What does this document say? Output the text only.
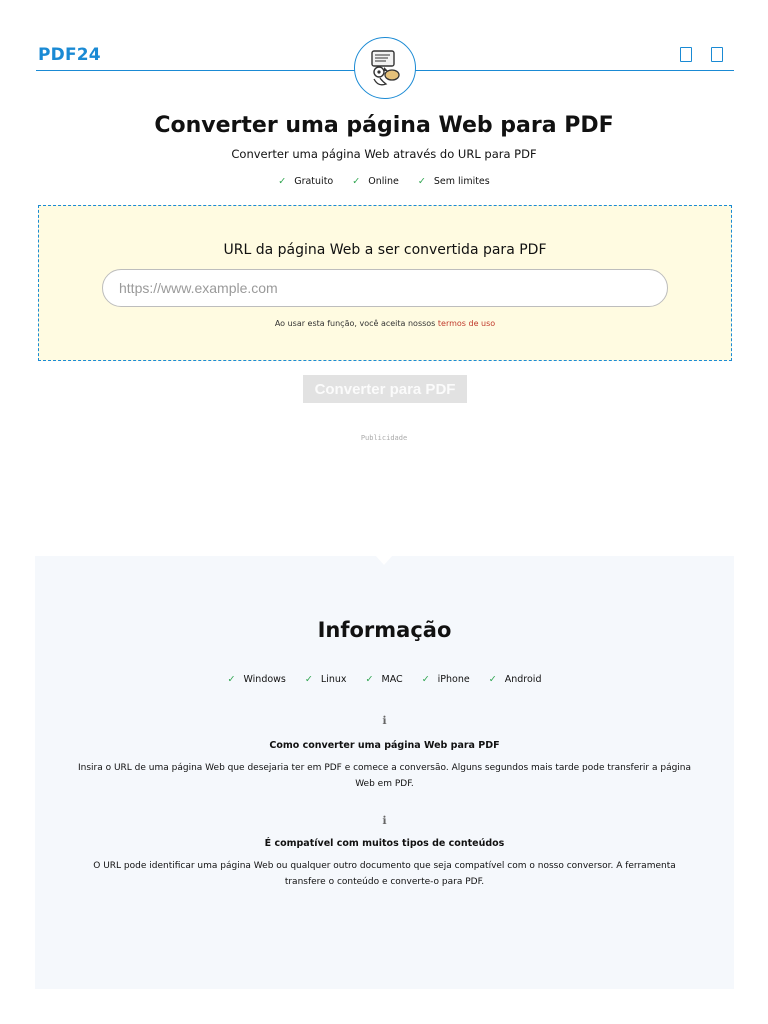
PDF24
Converter uma página Web para PDF

Converter uma página Web através do URL para PDF

✓ Gratuito ✓ Online ✓ Sem limites
URL da página Web a ser convertida para PDF
https://www.example.com
Ao usar esta função, você aceita nossos termos de uso
Converter para PDF
Publicidade
Informação
✓ Windows ✓ Linux ✓ MAC ✓ iPhone ✓ Android
ℹ
Como converter uma página Web para PDF
Insira o URL de uma página Web que desejaria ter em PDF e comece a conversão. Alguns segundos mais tarde pode transferir a página Web em PDF.
ℹ
É compatível com muitos tipos de conteúdos
O URL pode identificar uma página Web ou qualquer outro documento que seja compatível com o nosso conversor. A ferramenta transfere o conteúdo e converte-o para PDF.
